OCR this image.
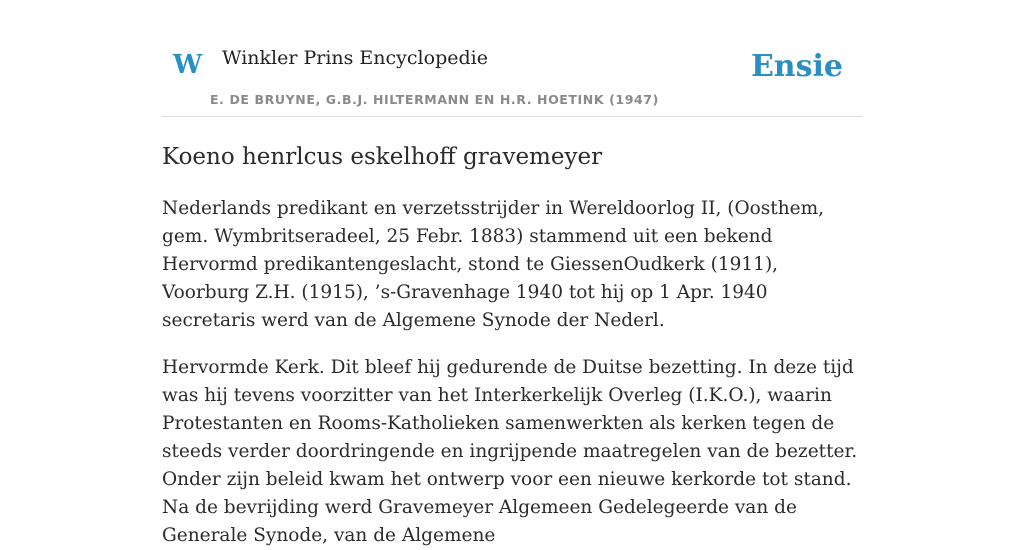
W Winkler Prins Encyclopedie
E. DE BRUYNE, G.B.J. HILTERMANN EN H.R. HOETINK (1947)
Ensie
Koeno henrlcus eskelhoff gravemeyer

Nederlands predikant en verzetsstrijder in Wereldoorlog II, (Oosthem, gem. Wymbritseradeel, 25 Febr. 1883) stammend uit een bekend Hervormd predikantengeslacht, stond te GiessenOudkerk (1911), Voorburg Z.H. (1915), ’s-Gravenhage 1940 tot hij op 1 Apr. 1940 secretaris werd van de Algemene Synode der Nederl.

Hervormde Kerk. Dit bleef hij gedurende de Duitse bezetting. In deze tijd was hij tevens voorzitter van het Interkerkelijk Overleg (I.K.O.), waarin Protestanten en Rooms-Katholieken samenwerkten als kerken tegen de steeds verder doordringende en ingrijpende maatregelen van de bezetter. Onder zijn beleid kwam het ontwerp voor een nieuwe kerkorde tot stand. Na de bevrijding werd Gravemeyer Algemeen Gedelegeerde van de Generale Synode, van de Algemene
